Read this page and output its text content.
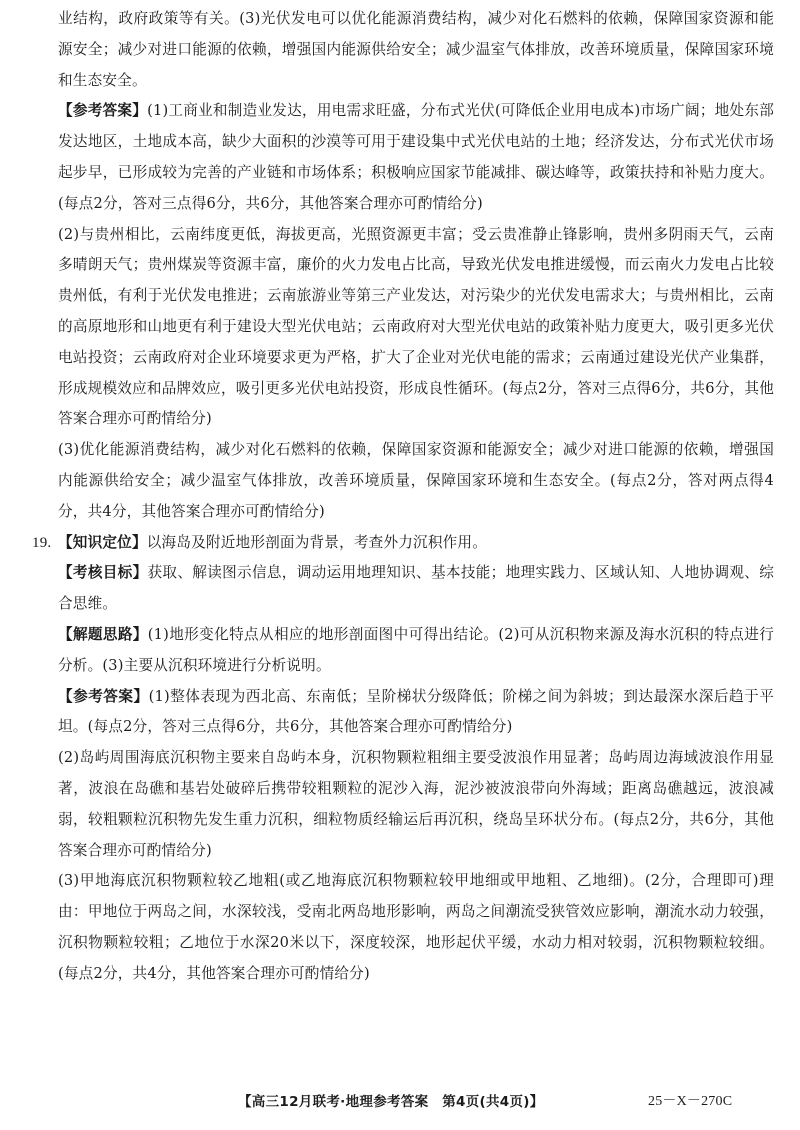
业结构，政府政策等有关。(3)光伏发电可以优化能源消费结构，减少对化石燃料的依赖，保障国家资源和能源安全；减少对进口能源的依赖，增强国内能源供给安全；减少温室气体排放，改善环境质量，保障国家环境和生态安全。

【参考答案】(1)工商业和制造业发达，用电需求旺盛，分布式光伏(可降低企业用电成本)市场广阔；地处东部发达地区，土地成本高，缺少大面积的沙漠等可用于建设集中式光伏电站的土地；经济发达，分布式光伏市场起步早，已形成较为完善的产业链和市场体系；积极响应国家节能减排、碳达峰等，政策扶持和补贴力度大。(每点2分，答对三点得6分，共6分，其他答案合理亦可酌情给分)

(2)与贵州相比，云南纬度更低，海拔更高，光照资源更丰富；受云贵准静止锋影响，贵州多阴雨天气，云南多晴朗天气；贵州煤炭等资源丰富，廉价的火力发电占比高，导致光伏发电推进缓慢，而云南火力发电占比较贵州低，有利于光伏发电推进；云南旅游业等第三产业发达，对污染少的光伏发电需求大；与贵州相比，云南的高原地形和山地更有利于建设大型光伏电站；云南政府对大型光伏电站的政策补贴力度更大，吸引更多光伏电站投资；云南政府对企业环境要求更为严格，扩大了企业对光伏电能的需求；云南通过建设光伏产业集群，形成规模效应和品牌效应，吸引更多光伏电站投资，形成良性循环。(每点2分，答对三点得6分，共6分，其他答案合理亦可酌情给分)

(3)优化能源消费结构，减少对化石燃料的依赖，保障国家资源和能源安全；减少对进口能源的依赖，增强国内能源供给安全；减少温室气体排放，改善环境质量，保障国家环境和生态安全。(每点2分，答对两点得4分，共4分，其他答案合理亦可酌情给分)

19. 【知识定位】以海岛及附近地形剖面为背景，考查外力沉积作用。

【考核目标】获取、解读图示信息，调动运用地理知识、基本技能；地理实践力、区域认知、人地协调观、综合思维。

【解题思路】(1)地形变化特点从相应的地形剖面图中可得出结论。(2)可从沉积物来源及海水沉积的特点进行分析。(3)主要从沉积环境进行分析说明。

【参考答案】(1)整体表现为西北高、东南低；呈阶梯状分级降低；阶梯之间为斜坡；到达最深水深后趋于平坦。(每点2分，答对三点得6分，共6分，其他答案合理亦可酌情给分)

(2)岛屿周围海底沉积物主要来自岛屿本身，沉积物颗粒粗细主要受波浪作用显著；岛屿周边海域波浪作用显著，波浪在岛礁和基岩处破碎后携带较粗颗粒的泥沙入海，泥沙被波浪带向外海域；距离岛礁越远，波浪减弱，较粗颗粒沉积物先发生重力沉积，细粒物质经输运后再沉积，绕岛呈环状分布。(每点2分，共6分，其他答案合理亦可酌情给分)

(3)甲地海底沉积物颗粒较乙地粗(或乙地海底沉积物颗粒较甲地细或甲地粗、乙地细)。(2分，合理即可)理由：甲地位于两岛之间，水深较浅，受南北两岛地形影响，两岛之间潮流受狭管效应影响，潮流水动力较强，沉积物颗粒较粗；乙地位于水深20米以下，深度较深，地形起伏平缓，水动力相对较弱，沉积物颗粒较细。(每点2分，共4分，其他答案合理亦可酌情给分)

【高三12月联考·地理参考答案　第4页(共4页)】	25－X－270C
